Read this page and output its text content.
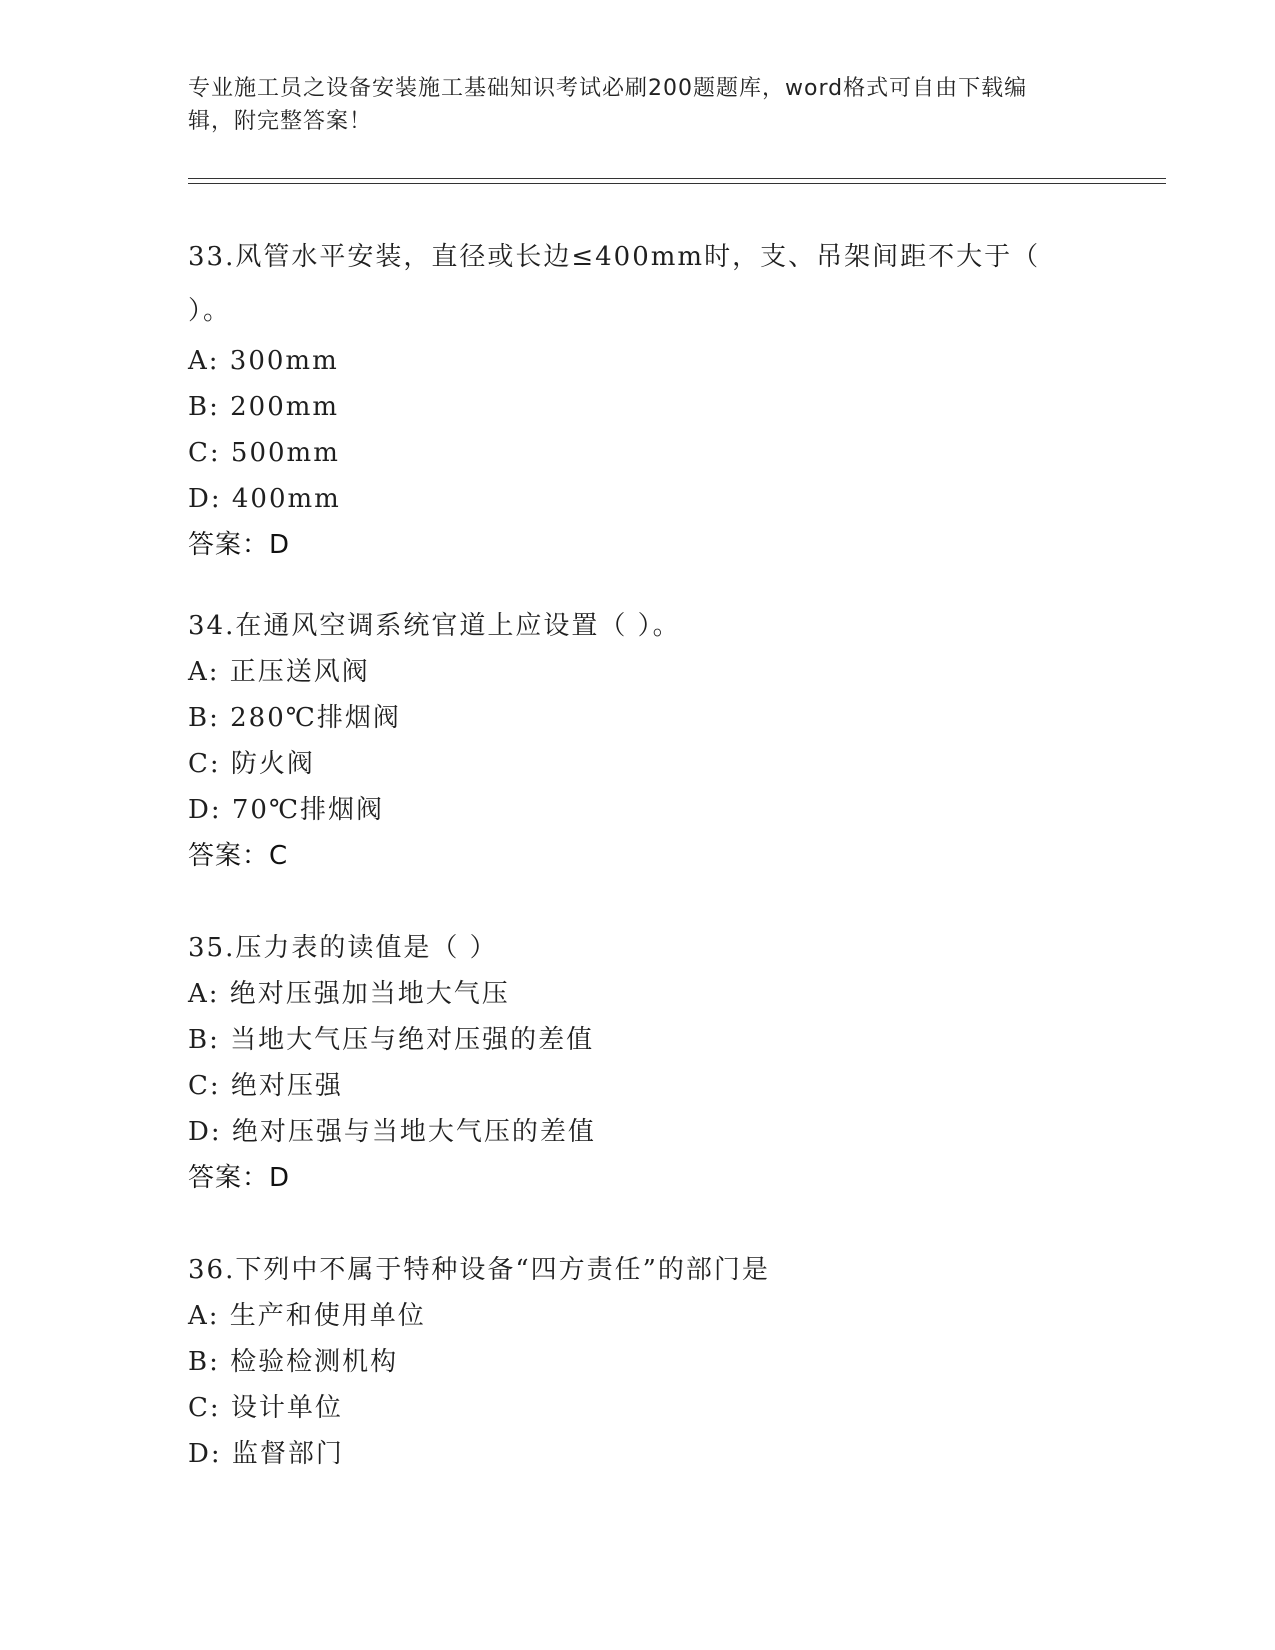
专业施工员之设备安装施工基础知识考试必刷200题题库，word格式可自由下载编辑，附完整答案！
33.风管水平安装，直径或长边≤400mm时，支、吊架间距不大于（ ）。
A: 300mm
B: 200mm
C: 500mm
D: 400mm
答案：D
34.在通风空调系统官道上应设置（ ）。
A: 正压送风阀
B: 280℃排烟阀
C: 防火阀
D: 70℃排烟阀
答案：C
35.压力表的读值是（ ）
A: 绝对压强加当地大气压
B: 当地大气压与绝对压强的差值
C: 绝对压强
D: 绝对压强与当地大气压的差值
答案：D
36.下列中不属于特种设备“四方责任”的部门是
A: 生产和使用单位
B: 检验检测机构
C: 设计单位
D: 监督部门
